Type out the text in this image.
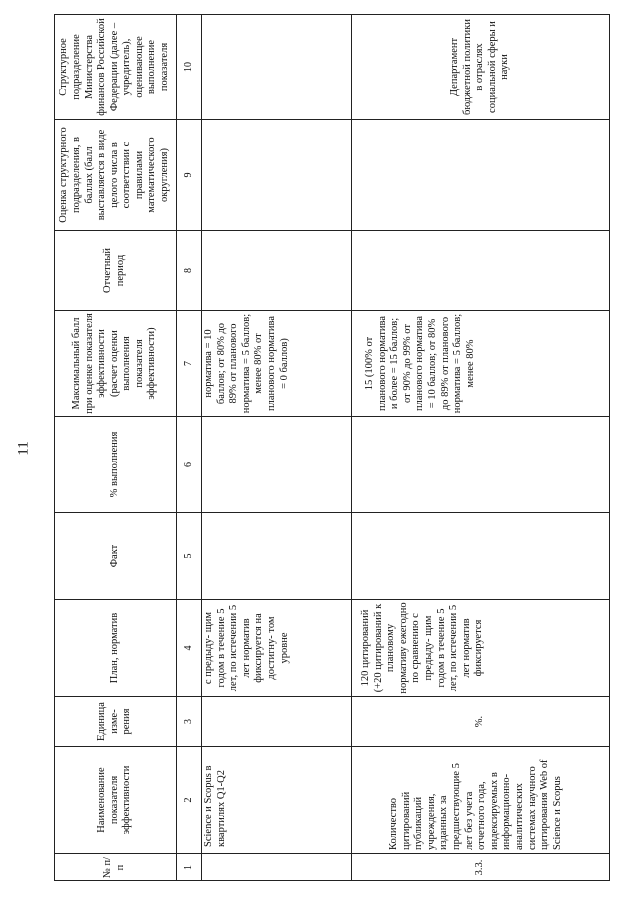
11
№ п/п
Наименование показателя эффективности
Единица изме- рения
План, норматив
Факт
% выполнения
Максимальный балл при оценке показателя эффективности (расчет оценки выполнения показателя эффективности)
Отчетный период
Оценка структурного подразделения, в баллах (балл выставляется в виде целого числа в соответствии с правилами математического округления)
Структурное подразделение Министерства финансов Российской Федерации (далее – учредитель), оценивающее выполнение показателя
1
2
3
4
5
6
7
8
9
10
Science и Scopus в квартилях Q1-Q2
с предыду- щим годом в течение 5 лет, по истечении 5 лет норматив фиксируется на достигну- том уровне
норматива = 10 баллов; от 80% до 89% от планового норматива = 5 баллов; менее 80% от планового норматива = 0 баллов)
3.3.
Количество цитирований публикаций учреждения, изданных за предшествующие 5 лет без учета отчетного года, индексируемых в информационно-аналитических системах научного цитирования Web of Science и Scopus
%.
120 цитирований (+20 цитирований к плановому нормативу ежегодно по сравнению с предыду- щим годом в течение 5 лет, по истечении 5 лет норматив фиксируется
15 (100% от планового норматива и более = 15 баллов; от 90% до 99% от планового норматива = 10 баллов; от 80% до 89% от планового норматива = 5 баллов; менее 80%
Департамент бюджетной политики в отраслях социальной сферы и науки
